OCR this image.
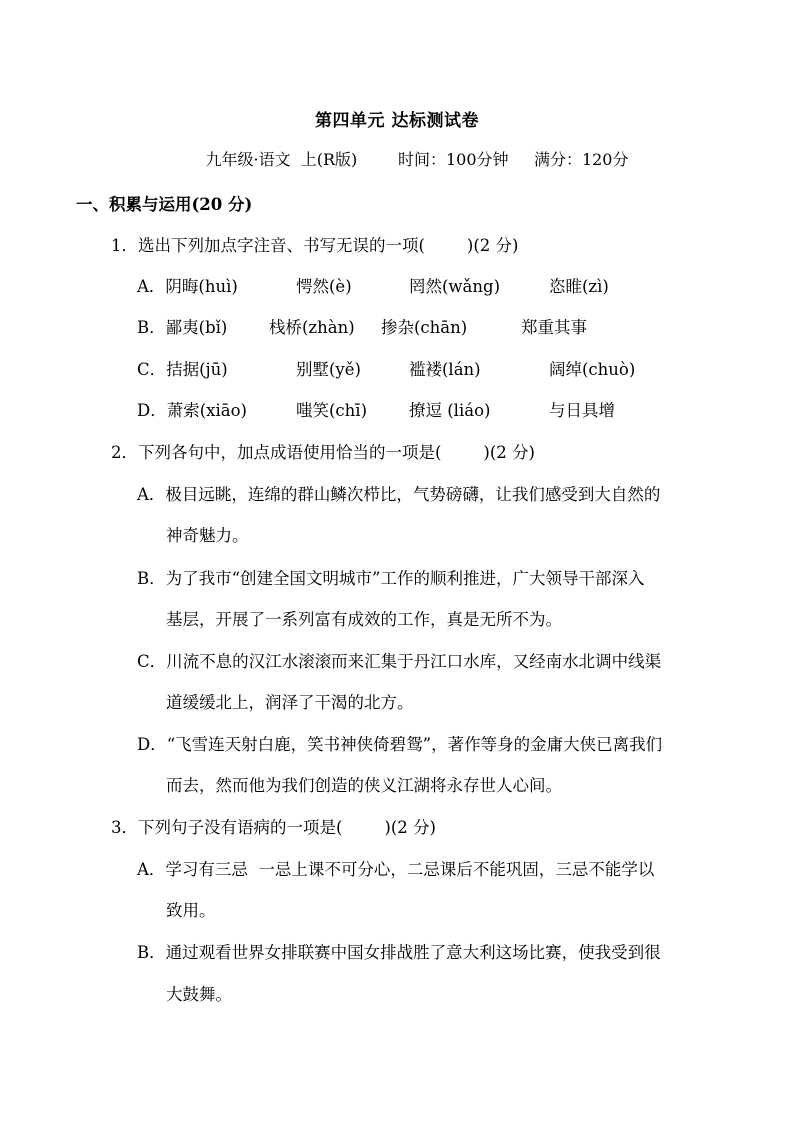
第四单元 达标测试卷
九年级·语文  上(R版)        时间：100分钟     满分：120分
一、积累与运用(20 分)
1．选出下列加点字注音、书写无误的一项(        )(2 分)
A．阴晦(huì)	愕然(è)	罔然(wǎng)	恣睢(zì)
B．鄙夷(bǐ)	栈桥(zhàn) 掺杂(chān)	郑重其事
C．拮据(jū)	别墅(yě)	褴褛(lán)	阔绰(chuò)
D．萧索(xiāo)	嗤笑(chī)	撩逗 (liáo)	与日具增
2．下列各句中，加点成语使用恰当的一项是(        )(2 分)
A．极目远眺，连绵的群山鳞次栉比，气势磅礴，让我们感受到大自然的
神奇魅力。
B．为了我市“创建全国文明城市”工作的顺利推进，广大领导干部深入
基层，开展了一系列富有成效的工作，真是无所不为。
C．川流不息的汉江水滚滚而来汇集于丹江口水库，又经南水北调中线渠
道缓缓北上，润泽了干渴的北方。
D．“飞雪连天射白鹿，笑书神侠倚碧鸳”，著作等身的金庸大侠已离我们
而去，然而他为我们创造的侠义江湖将永存世人心间。
3．下列句子没有语病的一项是(        )(2 分)
A．学习有三忌  一忌上课不可分心，二忌课后不能巩固，三忌不能学以
致用。
B．通过观看世界女排联赛中国女排战胜了意大利这场比赛，使我受到很
大鼓舞。
